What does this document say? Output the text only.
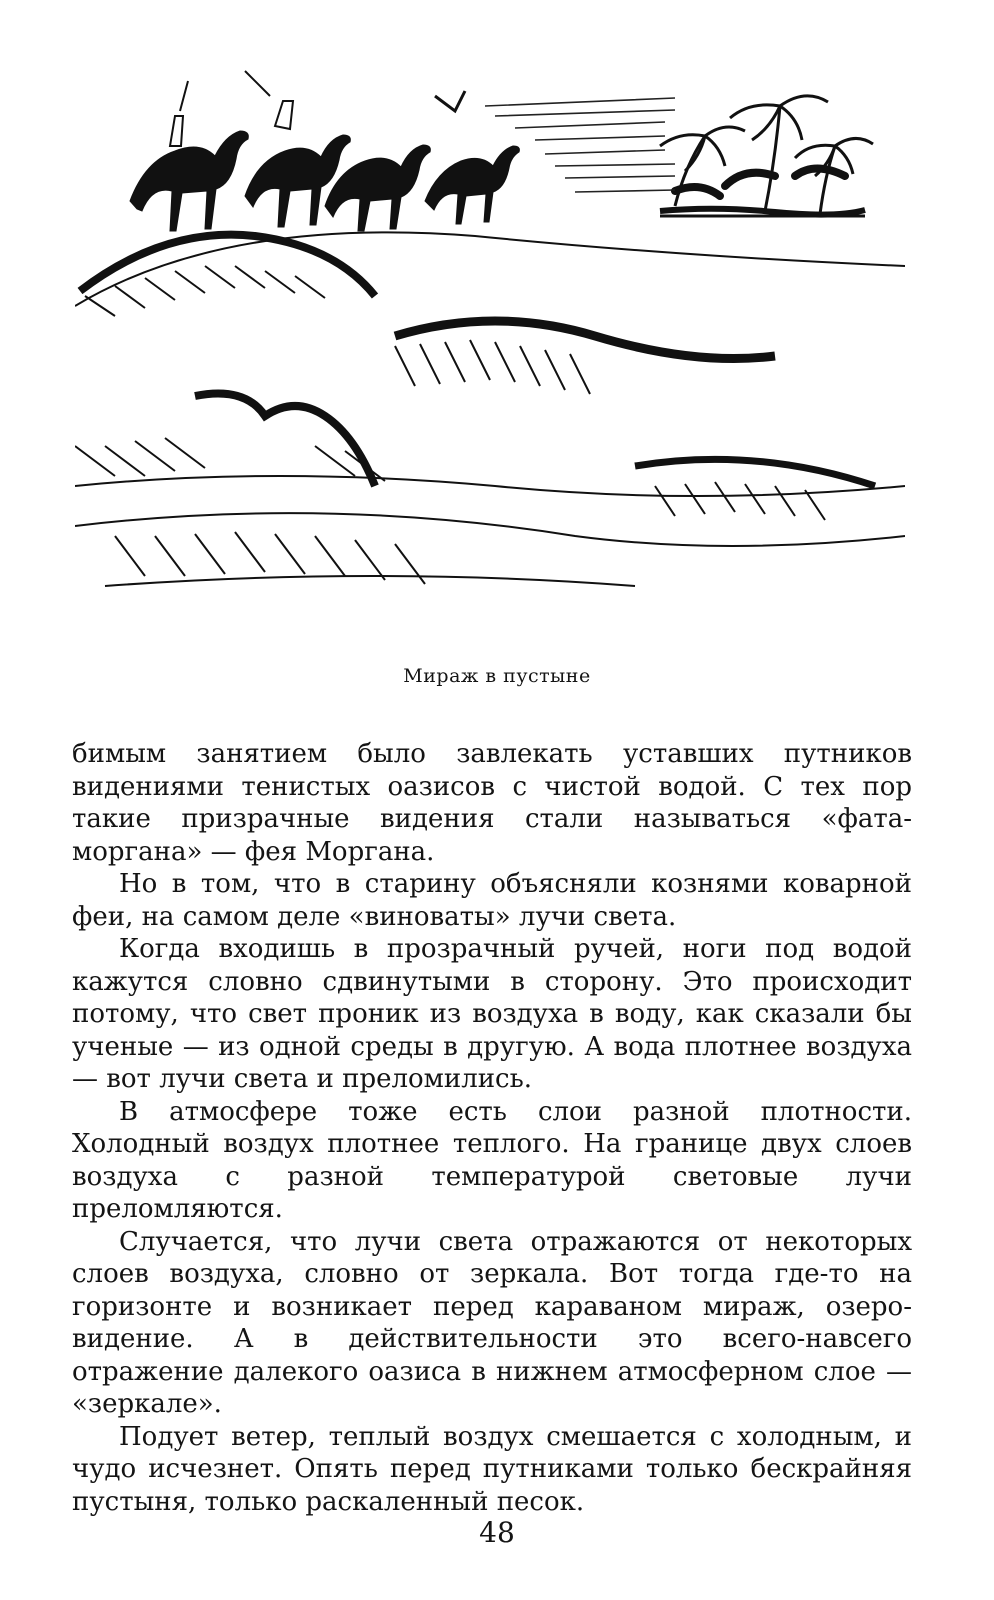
Мираж в пустыне

бимым занятием было завлекать уставших путников видениями тенистых оазисов с чистой водой. С тех пор такие призрачные видения стали называться «фата-моргана» — фея Моргана.

Но в том, что в старину объясняли кознями коварной феи, на самом деле «виноваты» лучи света.

Когда входишь в прозрачный ручей, ноги под водой кажутся словно сдвинутыми в сторону. Это происходит потому, что свет проник из воздуха в воду, как сказали бы ученые — из одной среды в другую. А вода плотнее воздуха — вот лучи света и преломились.

В атмосфере тоже есть слои разной плотности. Холодный воздух плотнее теплого. На границе двух слоев воздуха с разной температурой световые лучи преломляются.

Случается, что лучи света отражаются от некоторых слоев воздуха, словно от зеркала. Вот тогда где-то на горизонте и возникает перед караваном мираж, озеро-видение. А в действительности это всего-навсего отражение далекого оазиса в нижнем атмосферном слое — «зеркале».

Подует ветер, теплый воздух смешается с холодным, и чудо исчезнет. Опять перед путниками только бескрайняя пустыня, только раскаленный песок.

48
